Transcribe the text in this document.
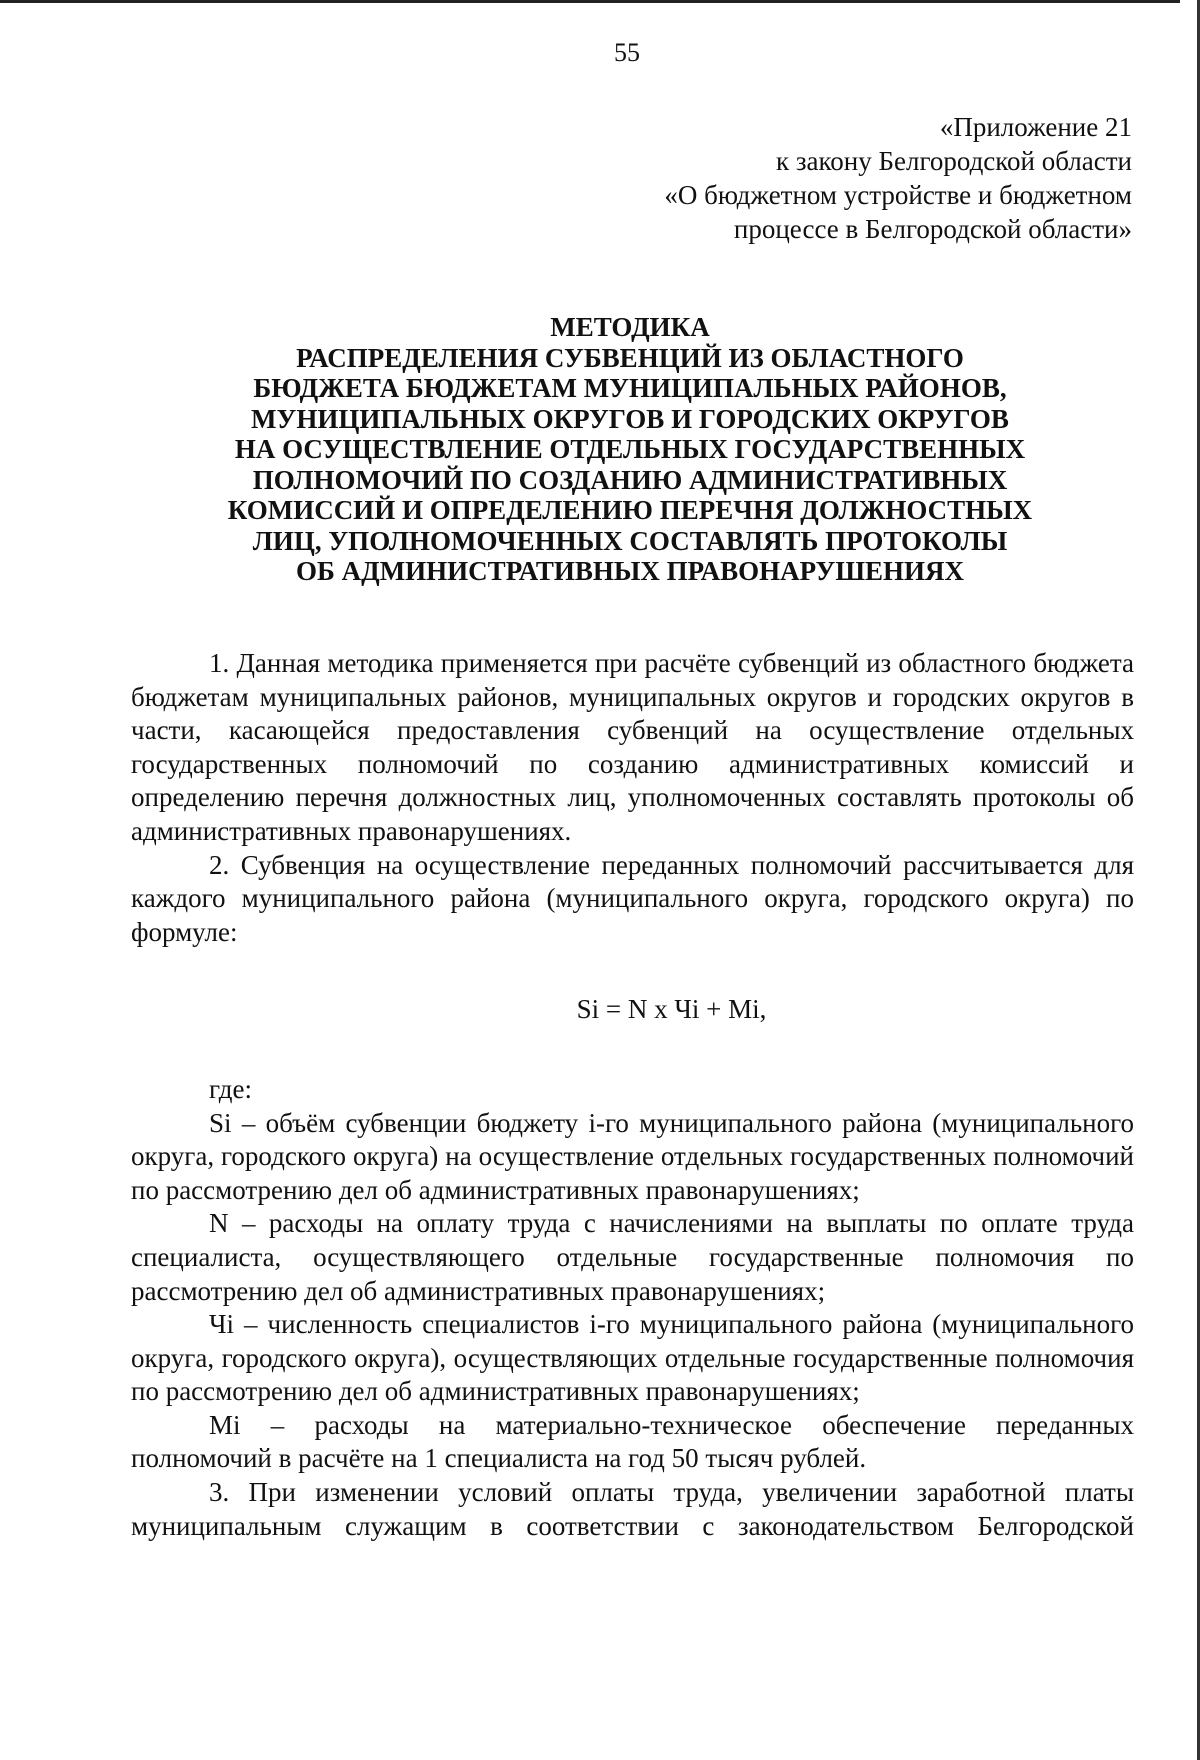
55
«Приложение 21
к закону Белгородской области
«О бюджетном устройстве и бюджетном
процессе в Белгородской области»
МЕТОДИКА
РАСПРЕДЕЛЕНИЯ СУБВЕНЦИЙ ИЗ ОБЛАСТНОГО
БЮДЖЕТА БЮДЖЕТАМ МУНИЦИПАЛЬНЫХ РАЙОНОВ,
МУНИЦИПАЛЬНЫХ ОКРУГОВ И ГОРОДСКИХ ОКРУГОВ
НА ОСУЩЕСТВЛЕНИЕ ОТДЕЛЬНЫХ ГОСУДАРСТВЕННЫХ
ПОЛНОМОЧИЙ ПО СОЗДАНИЮ АДМИНИСТРАТИВНЫХ
КОМИССИЙ И ОПРЕДЕЛЕНИЮ ПЕРЕЧНЯ ДОЛЖНОСТНЫХ
ЛИЦ, УПОЛНОМОЧЕННЫХ СОСТАВЛЯТЬ ПРОТОКОЛЫ
ОБ АДМИНИСТРАТИВНЫХ ПРАВОНАРУШЕНИЯХ

1. Данная методика применяется при расчёте субвенций из областного бюджета бюджетам муниципальных районов, муниципальных округов и городских округов в части, касающейся предоставления субвенций на осуществление отдельных государственных полномочий по созданию административных комиссий и определению перечня должностных лиц, уполномоченных составлять протоколы об административных правонарушениях.

2. Субвенция на осуществление переданных полномочий рассчитывается для каждого муниципального района (муниципального округа, городского округа) по формуле:

Si = N x Чi + Mi,

где:

Si – объём субвенции бюджету i-го муниципального района (муниципального округа, городского округа) на осуществление отдельных государственных полномочий по рассмотрению дел об административных правонарушениях;

N – расходы на оплату труда с начислениями на выплаты по оплате труда специалиста, осуществляющего отдельные государственные полномочия по рассмотрению дел об административных правонарушениях;

Чi – численность специалистов i-го муниципального района (муниципального округа, городского округа), осуществляющих отдельные государственные полномочия по рассмотрению дел об административных правонарушениях;

Mi – расходы на материально-техническое обеспечение переданных полномочий в расчёте на 1 специалиста на год 50 тысяч рублей.

3. При изменении условий оплаты труда, увеличении заработной платы муниципальным служащим в соответствии с законодательством Белгородской
